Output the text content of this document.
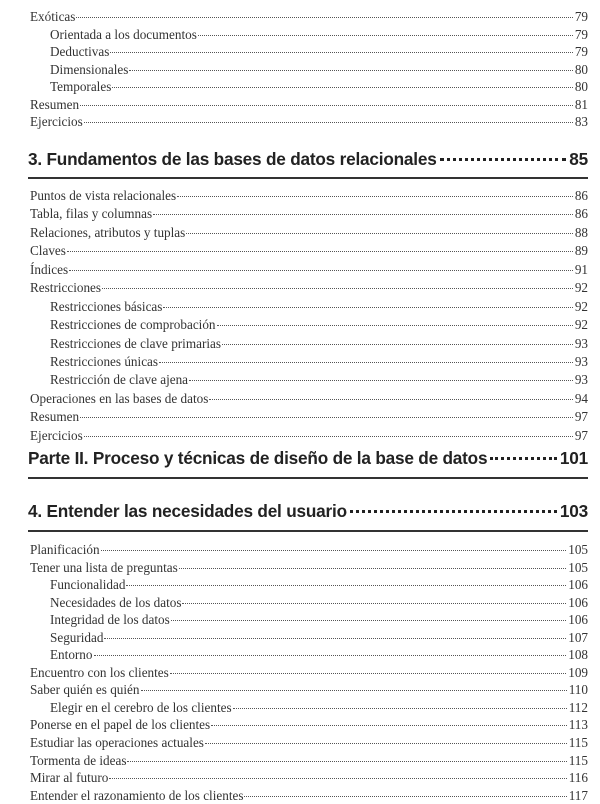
Exóticas	79
Orientada a los documentos	79
Deductivas	79
Dimensionales	80
Temporales	80
Resumen	81
Ejercicios	83
3. Fundamentos de las bases de datos relacionales	85
Puntos de vista relacionales	86
Tabla, filas y columnas	86
Relaciones, atributos y tuplas	88
Claves	89
Índices	91
Restricciones	92
Restricciones básicas	92
Restricciones de comprobación	92
Restricciones de clave primarias	93
Restricciones únicas	93
Restricción de clave ajena	93
Operaciones en las bases de datos	94
Resumen	97
Ejercicios	97
Parte II. Proceso y técnicas de diseño de la base de datos	101
4. Entender las necesidades del usuario	103
Planificación	105
Tener una lista de preguntas	105
Funcionalidad	106
Necesidades de los datos	106
Integridad de los datos	106
Seguridad	107
Entorno	108
Encuentro con los clientes	109
Saber quién es quién	110
Elegir en el cerebro de los clientes	112
Ponerse en el papel de los clientes	113
Estudiar las operaciones actuales	115
Tormenta de ideas	115
Mirar al futuro	116
Entender el razonamiento de los clientes	117
